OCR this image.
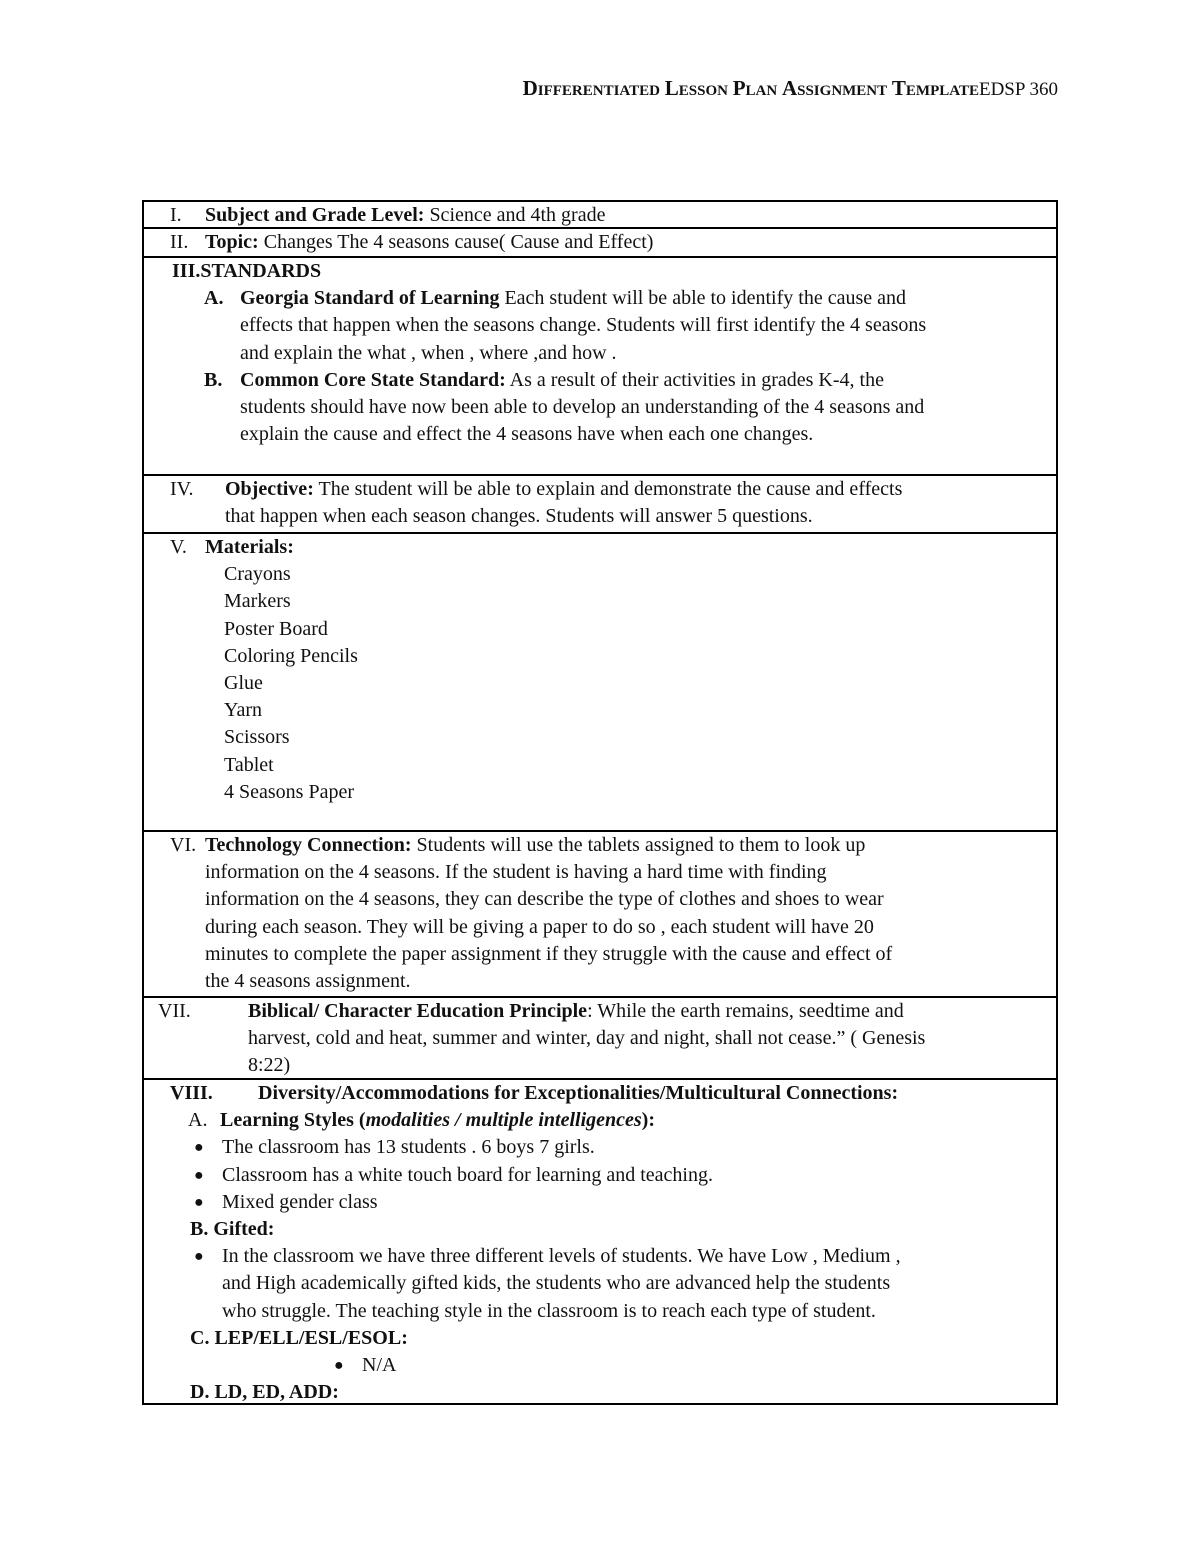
DIFFERENTIATED LESSON PLAN ASSIGNMENT TEMPLATEEDSP 360
I.	Subject and Grade Level: Science and 4th grade
II. Topic: Changes The 4 seasons cause( Cause and Effect)
III. STANDARDS
A. Georgia Standard of Learning Each student will be able to identify the cause and
effects that happen when the seasons change. Students will first identify the 4 seasons
and explain the what , when , where ,and how .
B. Common Core State Standard: As a result of their activities in grades K-4, the
students should have now been able to develop an understanding of the 4 seasons and
explain the cause and effect the 4 seasons have when each one changes.
IV.	Objective: The student will be able to explain and demonstrate the cause and effects
that happen when each season changes. Students will answer 5 questions.
V. Materials:
Crayons
Markers
Poster Board
Coloring Pencils
Glue
Yarn
Scissors
Tablet
4 Seasons Paper
VI. Technology Connection: Students will use the tablets assigned to them to look up
information on the 4 seasons. If the student is having a hard time with finding
information on the 4 seasons, they can describe the type of clothes and shoes to wear
during each season. They will be giving a paper to do so , each student will have 20
minutes to complete the paper assignment if they struggle with the cause and effect of
the 4 seasons assignment.
VII.	Biblical/ Character Education Principle: While the earth remains, seedtime and
harvest, cold and heat, summer and winter, day and night, shall not cease.” ( Genesis
8:22)
VIII.	Diversity/Accommodations for Exceptionalities/Multicultural Connections:
A. Learning Styles (modalities / multiple intelligences):
● The classroom has 13 students . 6 boys 7 girls.
● Classroom has a white touch board for learning and teaching.
● Mixed gender class
B. Gifted:
● In the classroom we have three different levels of students. We have Low , Medium ,
and High academically gifted kids, the students who are advanced help the students
who struggle. The teaching style in the classroom is to reach each type of student.
C. LEP/ELL/ESL/ESOL:
● N/A
D. LD, ED, ADD:
